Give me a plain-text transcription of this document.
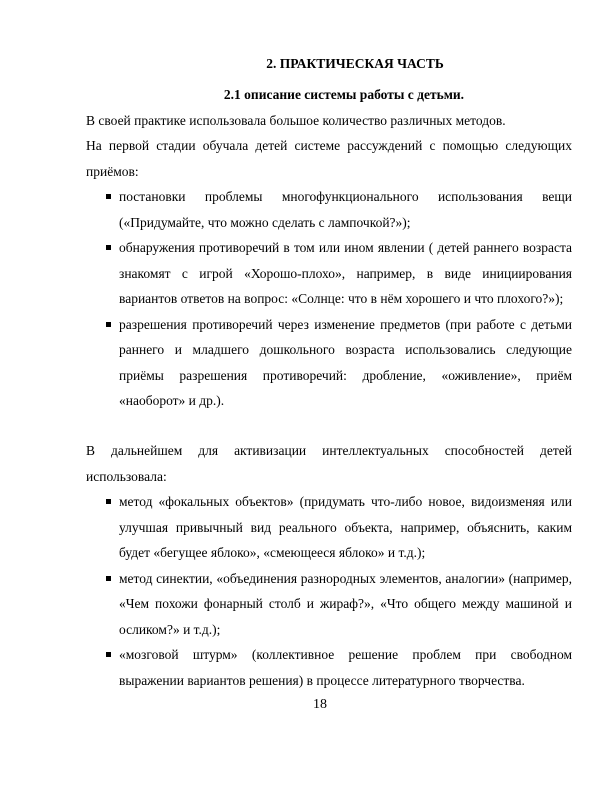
2. ПРАКТИЧЕСКАЯ ЧАСТЬ
2.1 описание системы работы с детьми.
В своей практике использовала большое количество различных методов.
На первой стадии обучала детей системе рассуждений с помощью следующих приёмов:
постановки проблемы многофункционального использования вещи («Придумайте, что можно сделать с лампочкой?»);
обнаружения противоречий в том или ином явлении ( детей раннего возраста знакомят с игрой «Хорошо-плохо», например, в виде инициирования вариантов ответов на вопрос: «Солнце: что в нём хорошего и что плохого?»);
разрешения противоречий через изменение предметов (при работе с детьми раннего и младшего дошкольного возраста использовались следующие приёмы разрешения противоречий: дробление, «оживление», приём «наоборот» и др.).
В дальнейшем для активизации интеллектуальных способностей детей использовала:
метод «фокальных объектов» (придумать что-либо новое, видоизменяя или улучшая привычный вид реального объекта, например, объяснить, каким будет «бегущее яблоко», «смеющееся яблоко» и т.д.);
метод синектии, «объединения разнородных элементов, аналогии» (например, «Чем похожи фонарный столб и жираф?», «Что общего между машиной и осликом?» и т.д.);
«мозговой штурм» (коллективное решение проблем при свободном выражении вариантов решения) в процессе литературного творчества.
18
